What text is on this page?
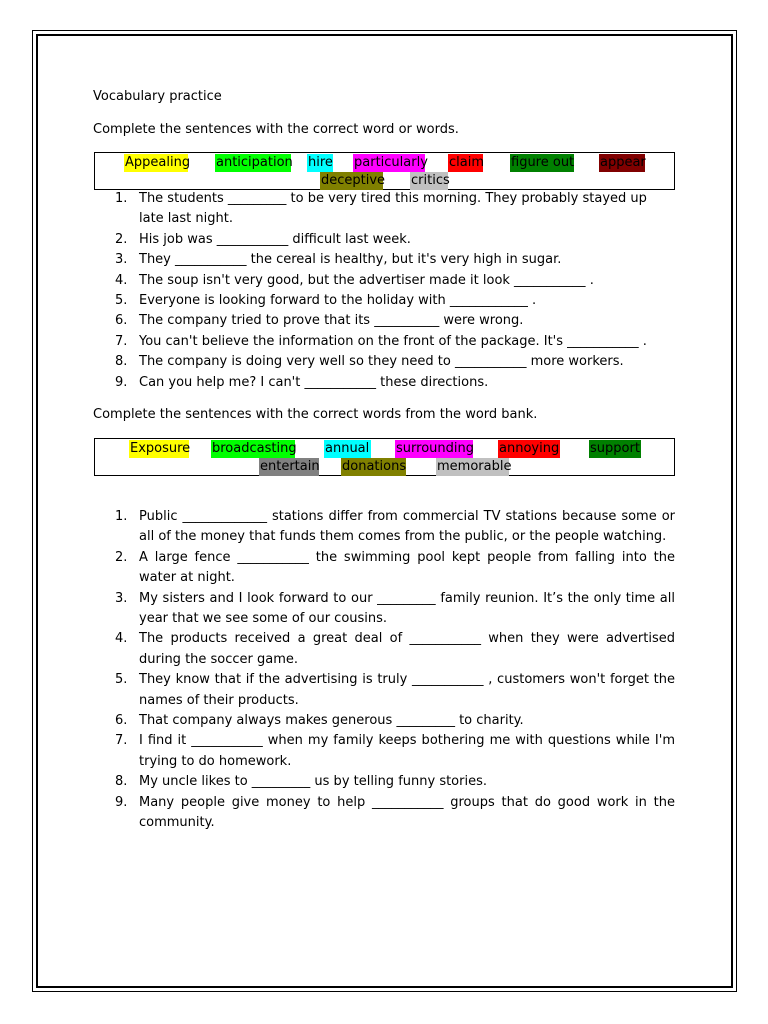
Vocabulary practice
Complete the sentences with the correct word or words.
Appealing anticipation hire particularly claim figure out appear
deceptive critics
1. The students _________ to be very tired this morning. They probably stayed up late last night.
2. His job was ___________ difficult last week.
3. They ___________ the cereal is healthy, but it's very high in sugar.
4. The soup isn't very good, but the advertiser made it look ___________ .
5. Everyone is looking forward to the holiday with ____________ .
6. The company tried to prove that its __________ were wrong.
7. You can't believe the information on the front of the package. It's ___________ .
8. The company is doing very well so they need to ___________ more workers.
9. Can you help me? I can't ___________ these directions.
Complete the sentences with the correct words from the word bank.
Exposure broadcasting annual surrounding annoying support
entertain donations memorable
1. Public _____________ stations differ from commercial TV stations because some or all of the money that funds them comes from the public, or the people watching.
2. A large fence ___________ the swimming pool kept people from falling into the water at night.
3. My sisters and I look forward to our _________ family reunion. It’s the only time all year that we see some of our cousins.
4. The products received a great deal of ___________ when they were advertised during the soccer game.
5. They know that if the advertising is truly ___________ , customers won't forget the names of their products.
6. That company always makes generous _________ to charity.
7. I find it ___________ when my family keeps bothering me with questions while I'm trying to do homework.
8. My uncle likes to _________ us by telling funny stories.
9. Many people give money to help ___________ groups that do good work in the community.
